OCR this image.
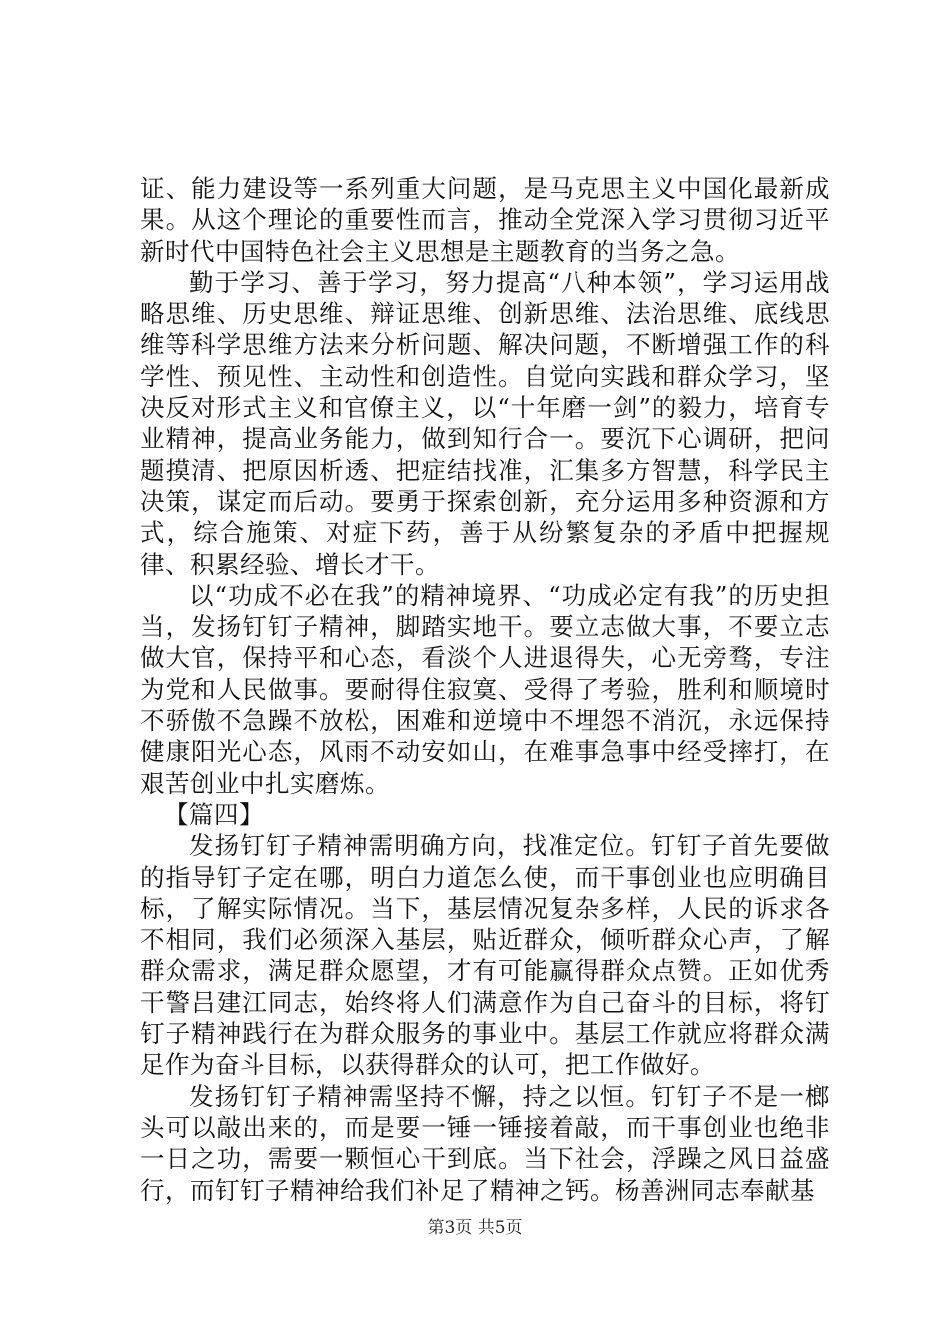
证、能力建设等一系列重大问题，是马克思主义中国化最新成果。从这个理论的重要性而言，推动全党深入学习贯彻习近平新时代中国特色社会主义思想是主题教育的当务之急。

勤于学习、善于学习，努力提高“八种本领”，学习运用战略思维、历史思维、辩证思维、创新思维、法治思维、底线思维等科学思维方法来分析问题、解决问题，不断增强工作的科学性、预见性、主动性和创造性。自觉向实践和群众学习，坚决反对形式主义和官僚主义，以“十年磨一剑”的毅力，培育专业精神，提高业务能力，做到知行合一。要沉下心调研，把问题摸清、把原因析透、把症结找准，汇集多方智慧，科学民主决策，谋定而后动。要勇于探索创新，充分运用多种资源和方式，综合施策、对症下药，善于从纷繁复杂的矛盾中把握规律、积累经验、增长才干。

以“功成不必在我”的精神境界、“功成必定有我”的历史担当，发扬钉钉子精神，脚踏实地干。要立志做大事，不要立志做大官，保持平和心态，看淡个人进退得失，心无旁骛，专注为党和人民做事。要耐得住寂寞、受得了考验，胜利和顺境时不骄傲不急躁不放松，困难和逆境中不埋怨不消沉，永远保持健康阳光心态，风雨不动安如山，在难事急事中经受摔打，在艰苦创业中扎实磨炼。

【篇四】

发扬钉钉子精神需明确方向，找准定位。钉钉子首先要做的指导钉子定在哪，明白力道怎么使，而干事创业也应明确目标，了解实际情况。当下，基层情况复杂多样，人民的诉求各不相同，我们必须深入基层，贴近群众，倾听群众心声，了解群众需求，满足群众愿望，才有可能赢得群众点赞。正如优秀干警吕建江同志，始终将人们满意作为自己奋斗的目标，将钉钉子精神践行在为群众服务的事业中。基层工作就应将群众满足作为奋斗目标，以获得群众的认可，把工作做好。

发扬钉钉子精神需坚持不懈，持之以恒。钉钉子不是一榔头可以敲出来的，而是要一锤一锤接着敲，而干事创业也绝非一日之功，需要一颗恒心干到底。当下社会，浮躁之风日益盛行，而钉钉子精神给我们补足了精神之钙。杨善洲同志奉献基

第3页 共5页
